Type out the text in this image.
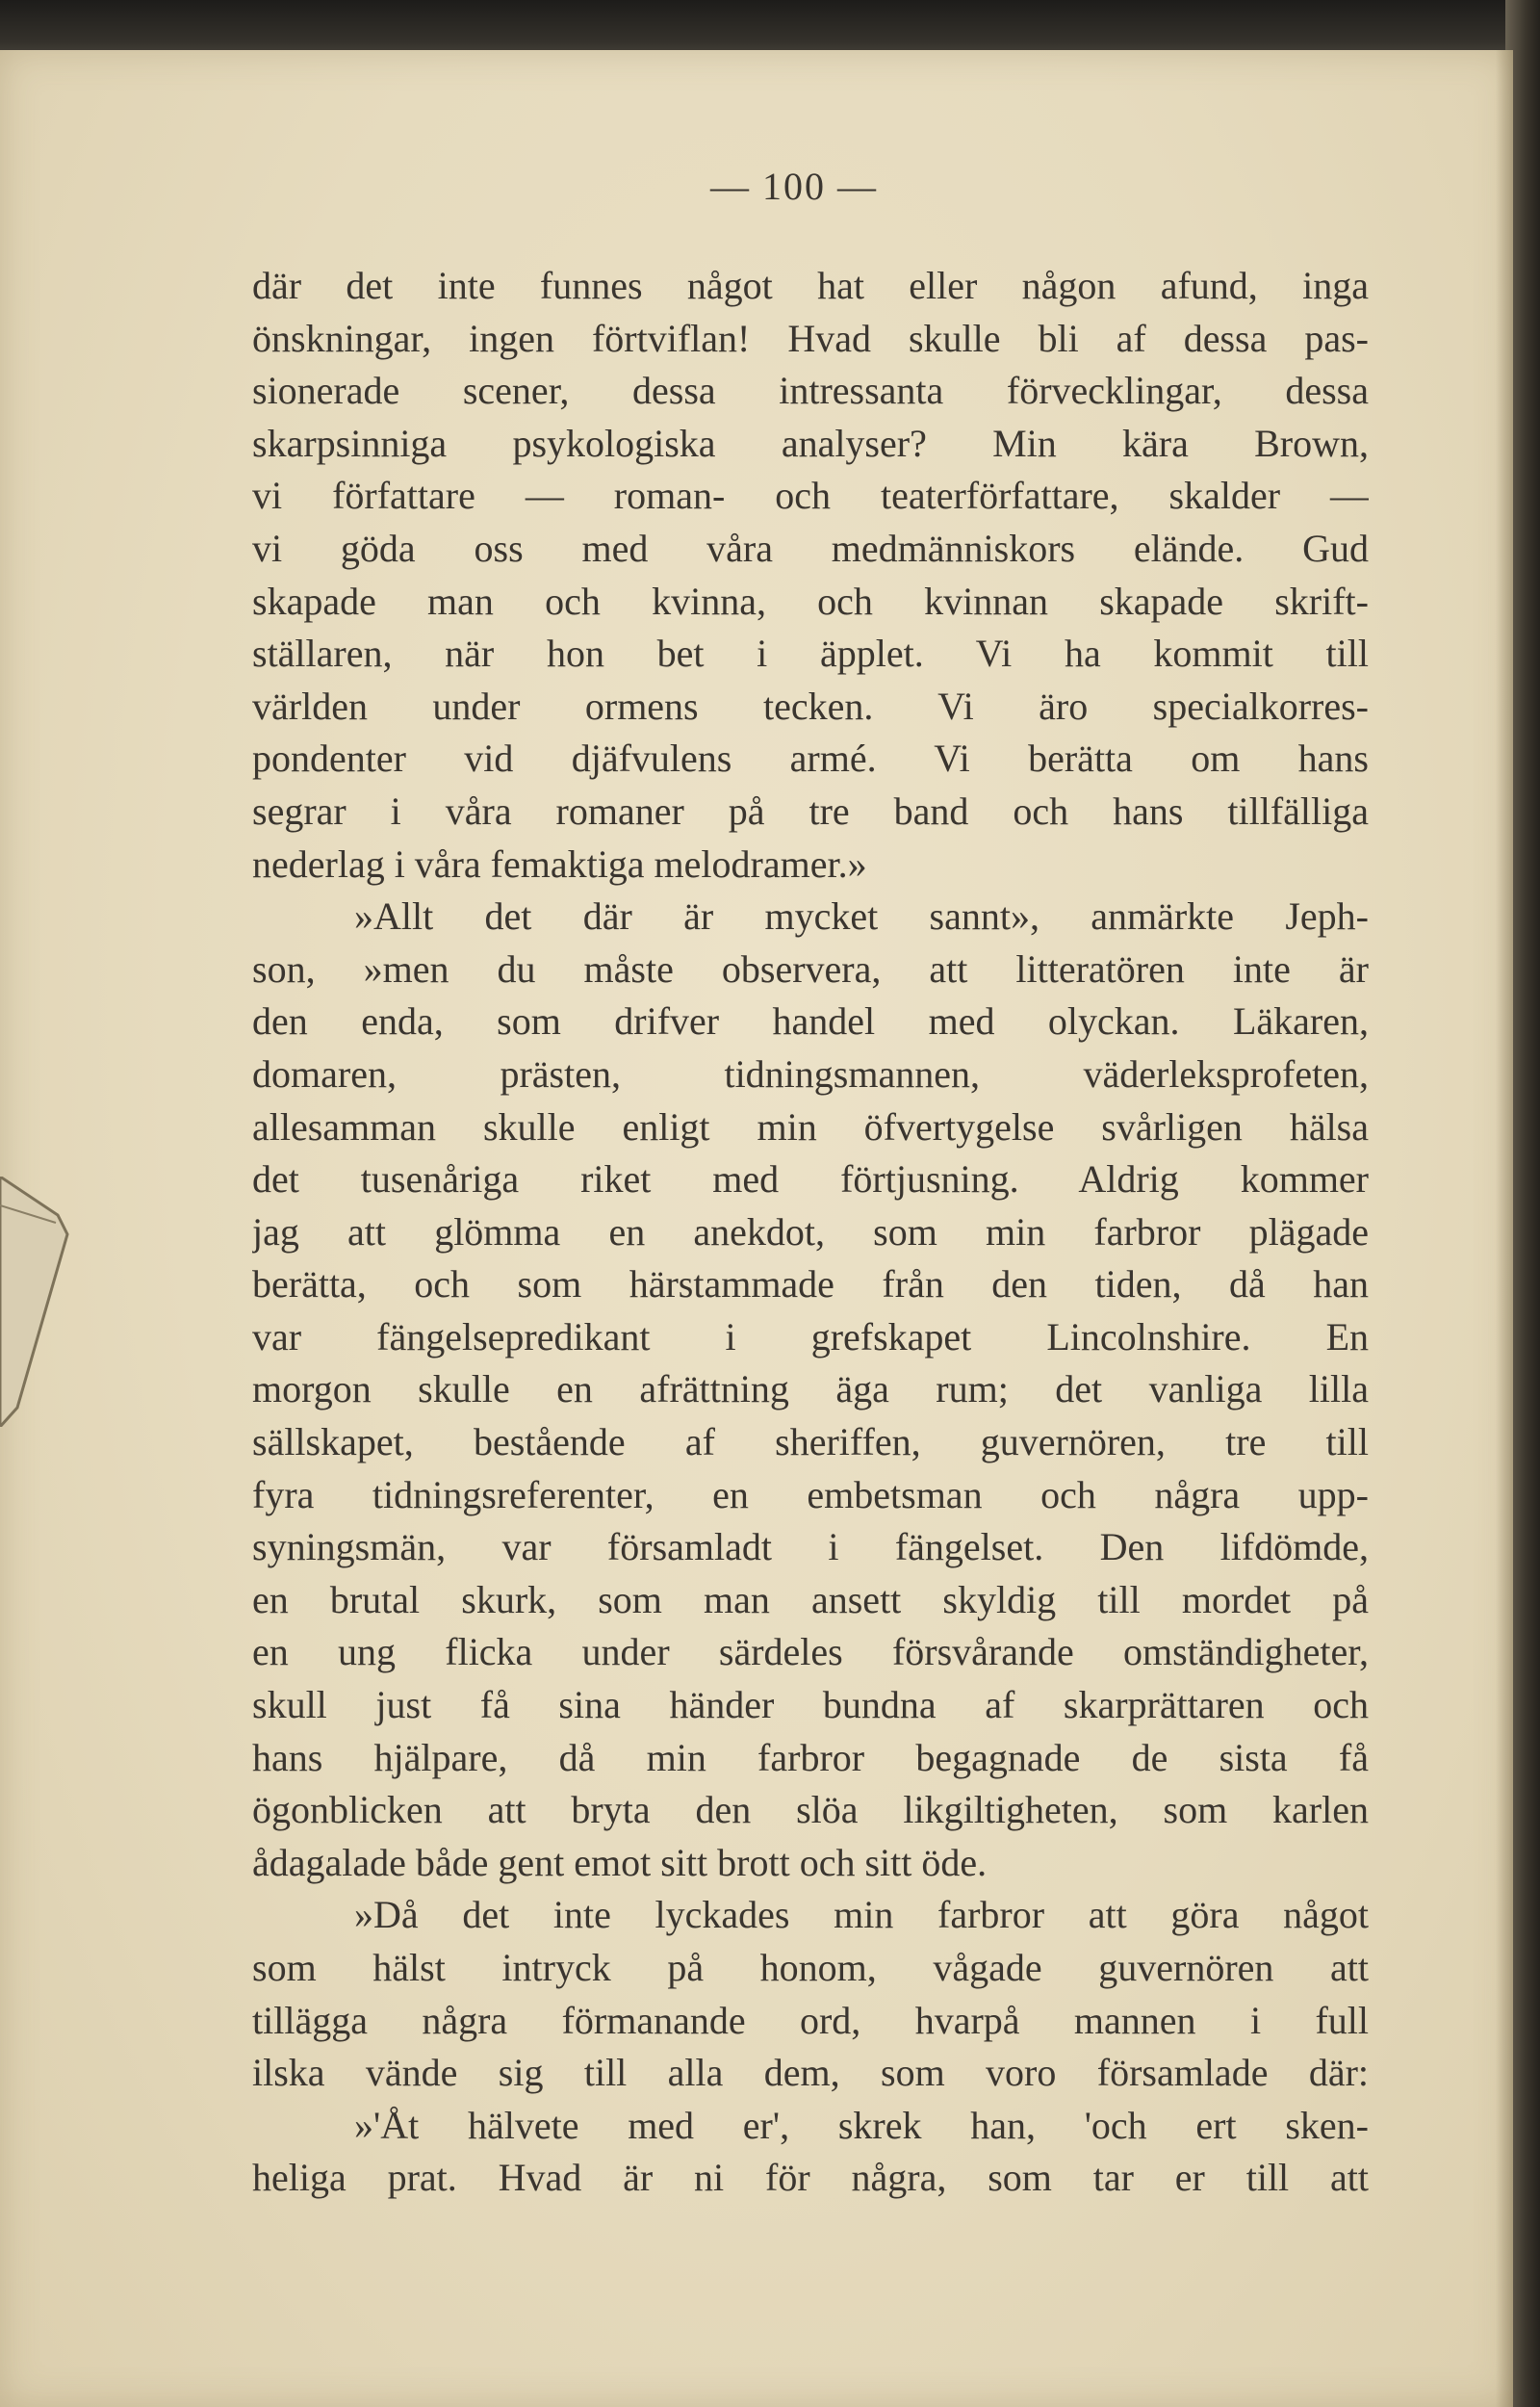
— 100 —
där det inte funnes något hat eller någon afund, inga
önskningar, ingen förtviflan! Hvad skulle bli af dessa pas-
sionerade scener, dessa intressanta förvecklingar, dessa
skarpsinniga psykologiska analyser? Min kära Brown,
vi författare — roman- och teaterförfattare, skalder —
vi göda oss med våra medmänniskors elände. Gud
skapade man och kvinna, och kvinnan skapade skrift-
ställaren, när hon bet i äpplet. Vi ha kommit till
världen under ormens tecken. Vi äro specialkorres-
pondenter vid djäfvulens armé. Vi berätta om hans
segrar i våra romaner på tre band och hans tillfälliga
nederlag i våra femaktiga melodramer.»
»Allt det där är mycket sannt», anmärkte Jeph-
son, »men du måste observera, att litteratören inte är
den enda, som drifver handel med olyckan. Läkaren,
domaren, prästen, tidningsmannen, väderleksprofeten,
allesamman skulle enligt min öfvertygelse svårligen hälsa
det tusenåriga riket med förtjusning. Aldrig kommer
jag att glömma en anekdot, som min farbror plägade
berätta, och som härstammade från den tiden, då han
var fängelsepredikant i grefskapet Lincolnshire. En
morgon skulle en afrättning äga rum; det vanliga lilla
sällskapet, bestående af sheriffen, guvernören, tre till
fyra tidningsreferenter, en embetsman och några upp-
syningsmän, var församladt i fängelset. Den lifdömde,
en brutal skurk, som man ansett skyldig till mordet på
en ung flicka under särdeles försvårande omständigheter,
skull just få sina händer bundna af skarprättaren och
hans hjälpare, då min farbror begagnade de sista få
ögonblicken att bryta den slöa likgiltigheten, som karlen
ådagalade både gent emot sitt brott och sitt öde.
»Då det inte lyckades min farbror att göra något
som hälst intryck på honom, vågade guvernören att
tillägga några förmanande ord, hvarpå mannen i full
ilska vände sig till alla dem, som voro församlade där:
»'Åt hälvete med er', skrek han, 'och ert sken-
heliga prat. Hvad är ni för några, som tar er till att
